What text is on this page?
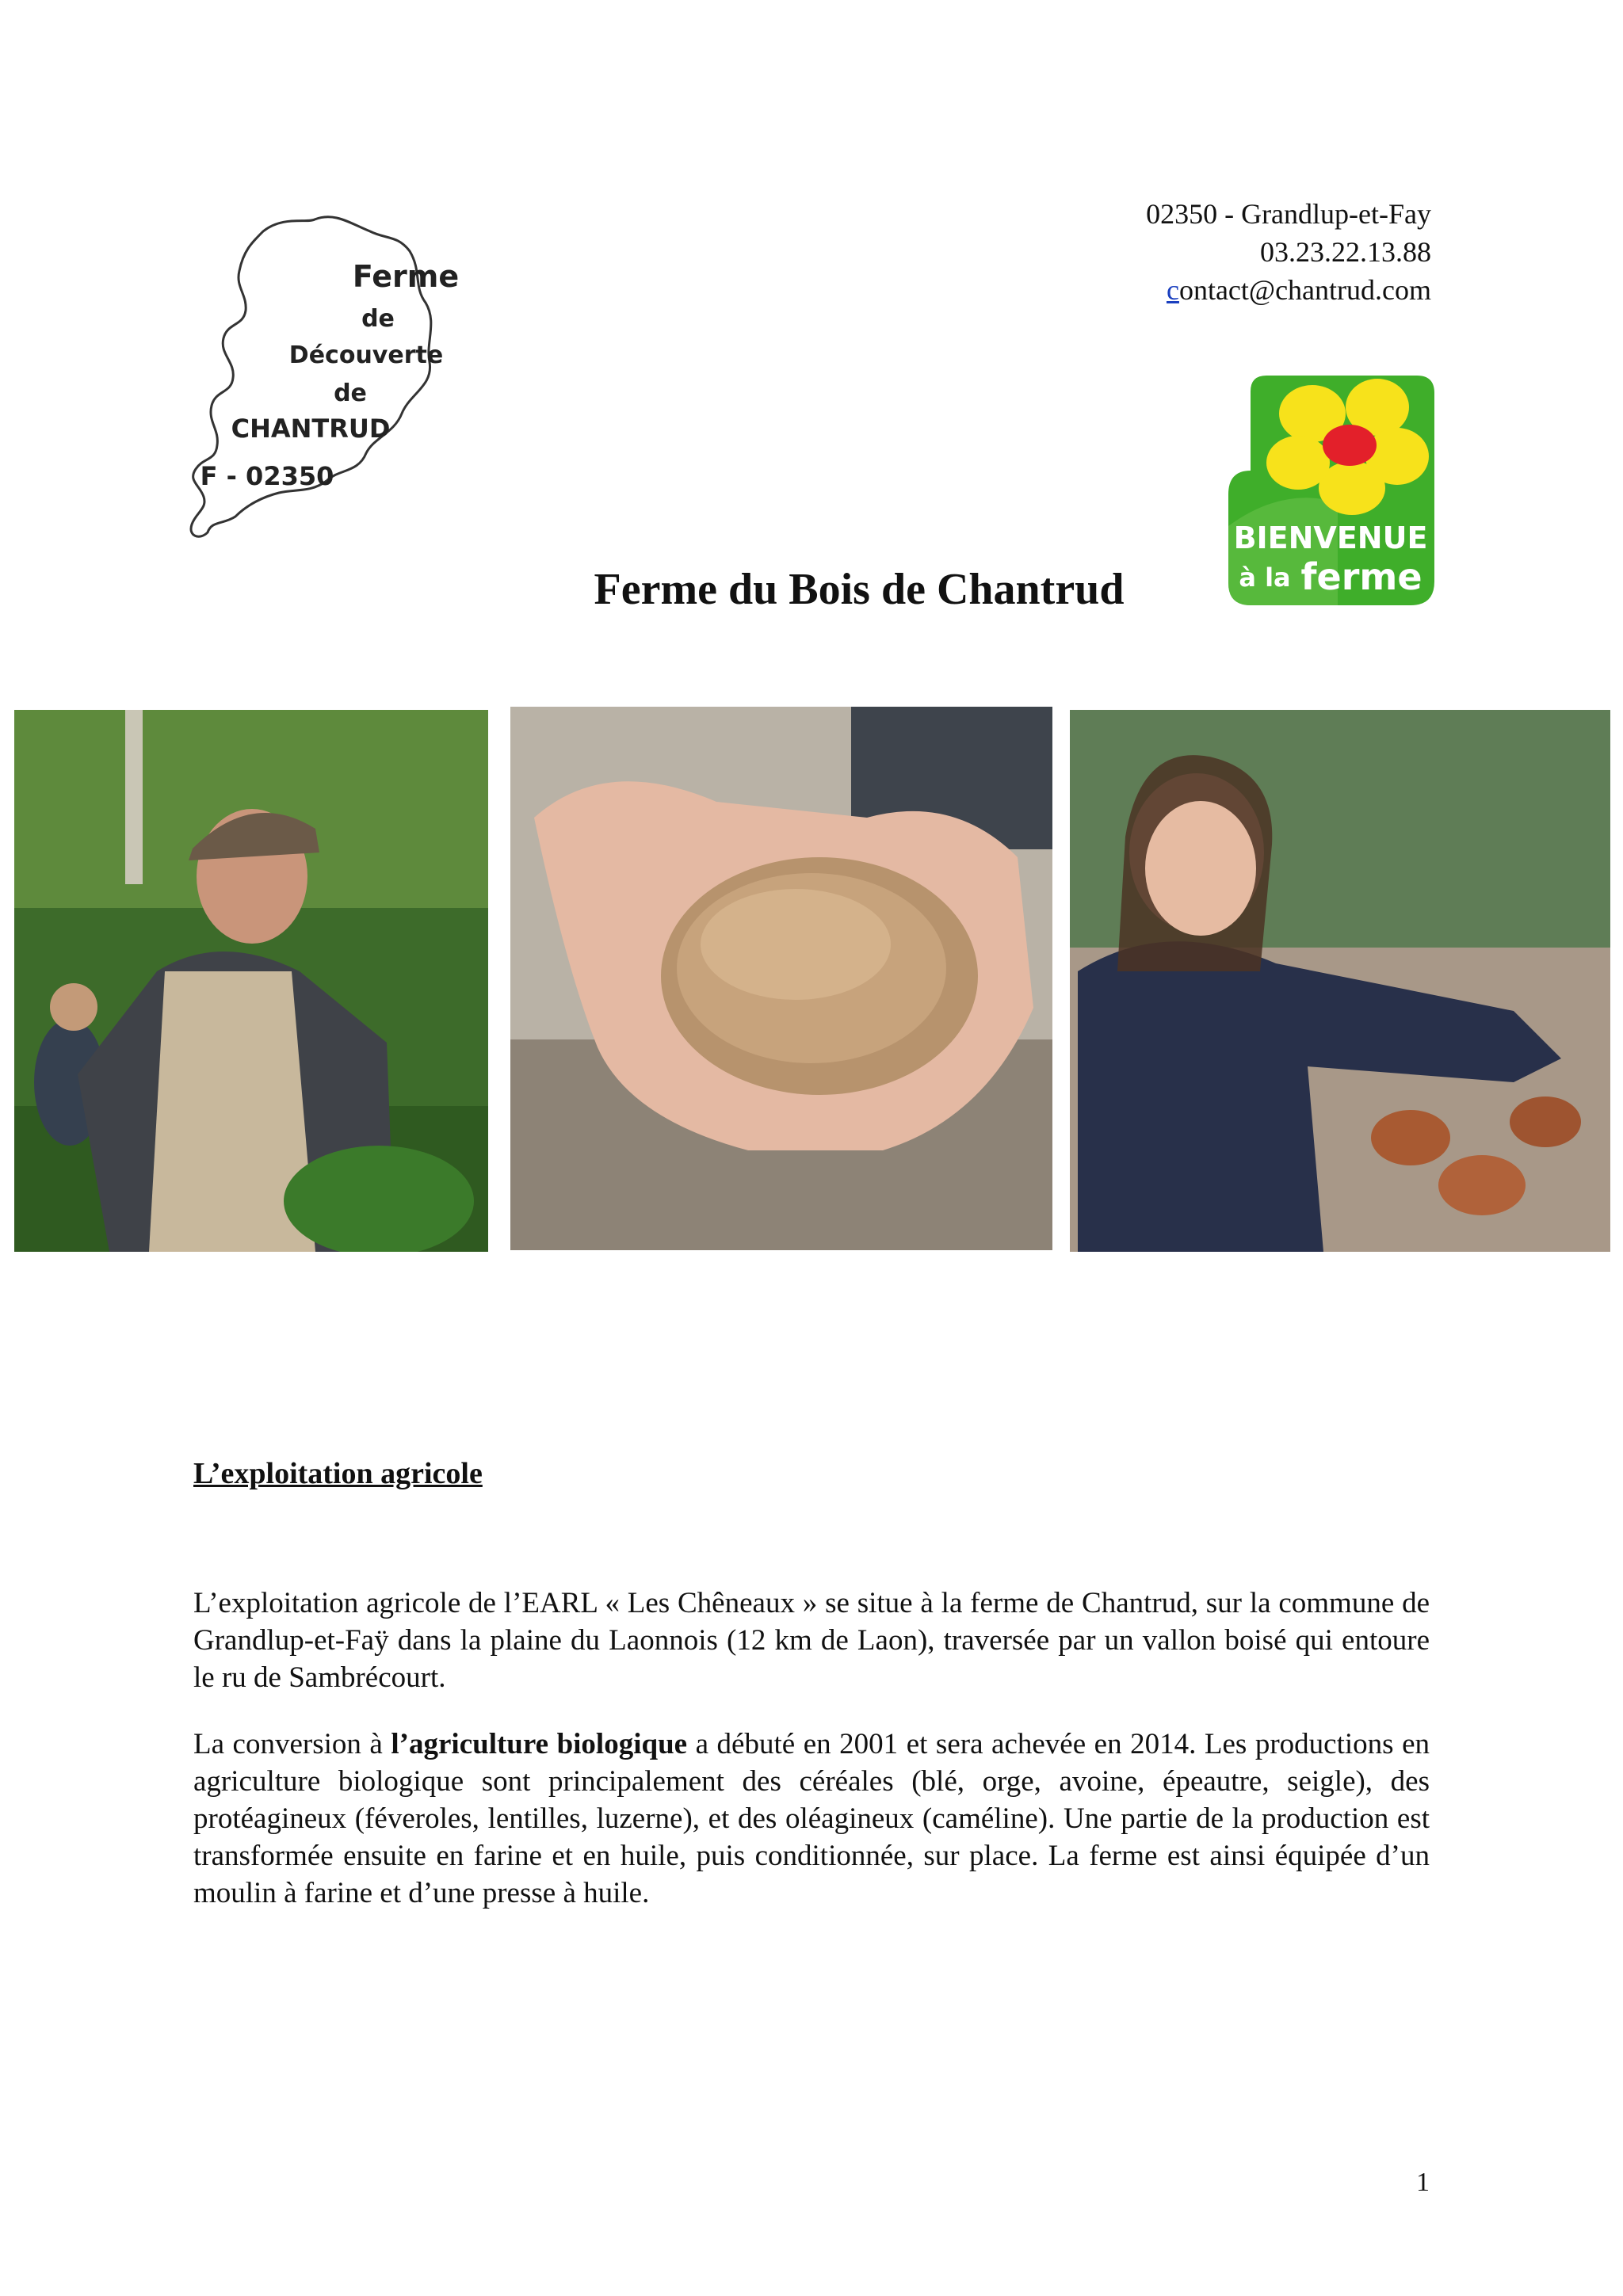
02350 - Grandlup-et-Fay
03.23.22.13.88
contact@chantrud.com
Ferme
de
Découverte
de
CHANTRUD
F - 02350
BIENVENUE
à la ferme
Ferme du Bois de Chantrud
L’exploitation agricole

L’exploitation agricole de l’EARL « Les Chêneaux » se situe à la ferme de Chantrud, sur la commune de Grandlup-et-Faÿ dans la plaine du Laonnois (12 km de Laon), traversée par un vallon boisé qui entoure le ru de Sambrécourt.

La conversion à l’agriculture biologique a débuté en 2001 et sera achevée en 2014. Les productions en agriculture biologique sont principalement des céréales (blé, orge, avoine, épeautre, seigle), des protéagineux (féveroles, lentilles, luzerne), et des oléagineux (caméline). Une partie de la production est transformée ensuite en farine et en huile, puis conditionnée, sur place. La ferme est ainsi équipée d’un moulin à farine et d’une presse à huile.

1
